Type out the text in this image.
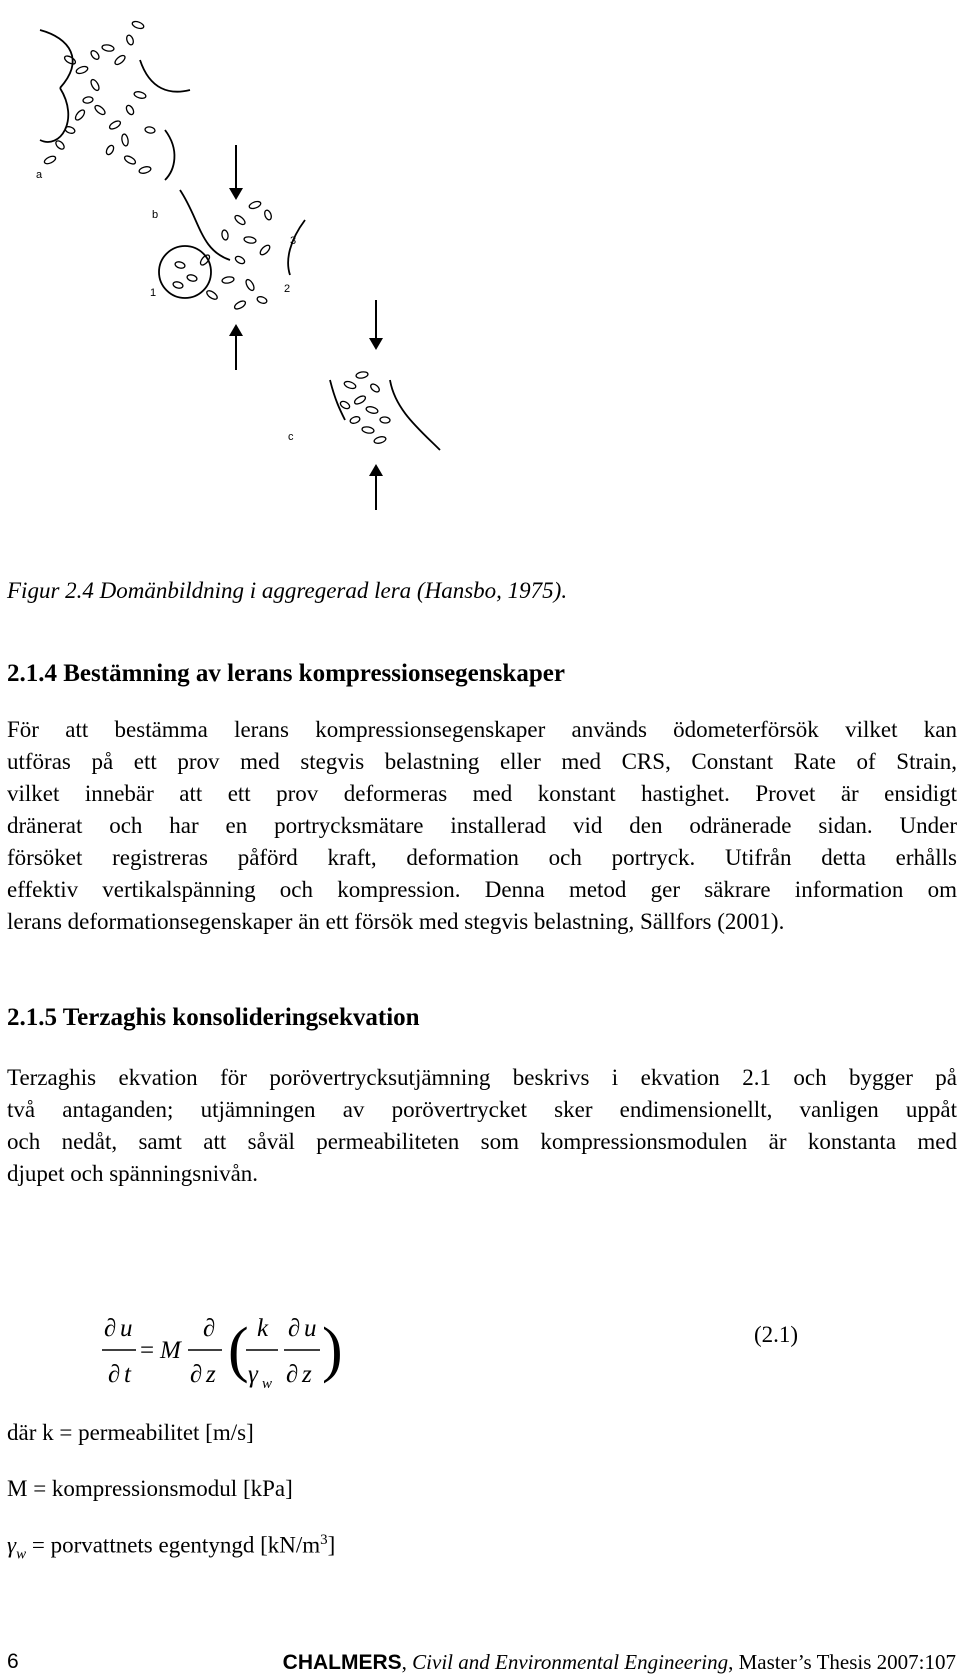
a
b
c
1	2
3
Figur 2.4 Domänbildning i aggregerad lera (Hansbo, 1975).
2.1.4 Bestämning av lerans kompressionsegenskaper
För att bestämma lerans kompressionsegenskaper används ödometerförsök vilket kan
utföras på ett prov med stegvis belastning eller med CRS, Constant Rate of Strain,
vilket innebär att ett prov deformeras med konstant hastighet. Provet är ensidigt
dränerat och har en portrycksmätare installerad vid den odränerade sidan. Under
försöket registreras påförd kraft, deformation och portryck. Utifrån detta erhålls
effektiv vertikalspänning och kompression. Denna metod ger säkrare information om
lerans deformationsegenskaper än ett försök med stegvis belastning, Sällfors (2001).
2.1.5 Terzaghis konsolideringsekvation
Terzaghis ekvation för porövertrycksutjämning beskrivs i ekvation 2.1 och bygger på
två antaganden; utjämningen av porövertrycket sker endimensionellt, vanligen uppåt
och nedåt, samt att såväl permeabiliteten som kompressionsmodulen är konstanta med
djupet och spänningsnivån.
∂ u
∂ t
= M
∂
∂ z
k
γ w
∂ u
∂ z
( )	(2.1)
där k = permeabilitet [m/s]
M = kompressionsmodul [kPa]
$\gamma_w$ = porvattnets egentyngd $[kN/m^3]$
6	CHALMERS, Civil and Environmental Engineering, Master’s Thesis 2007:107
